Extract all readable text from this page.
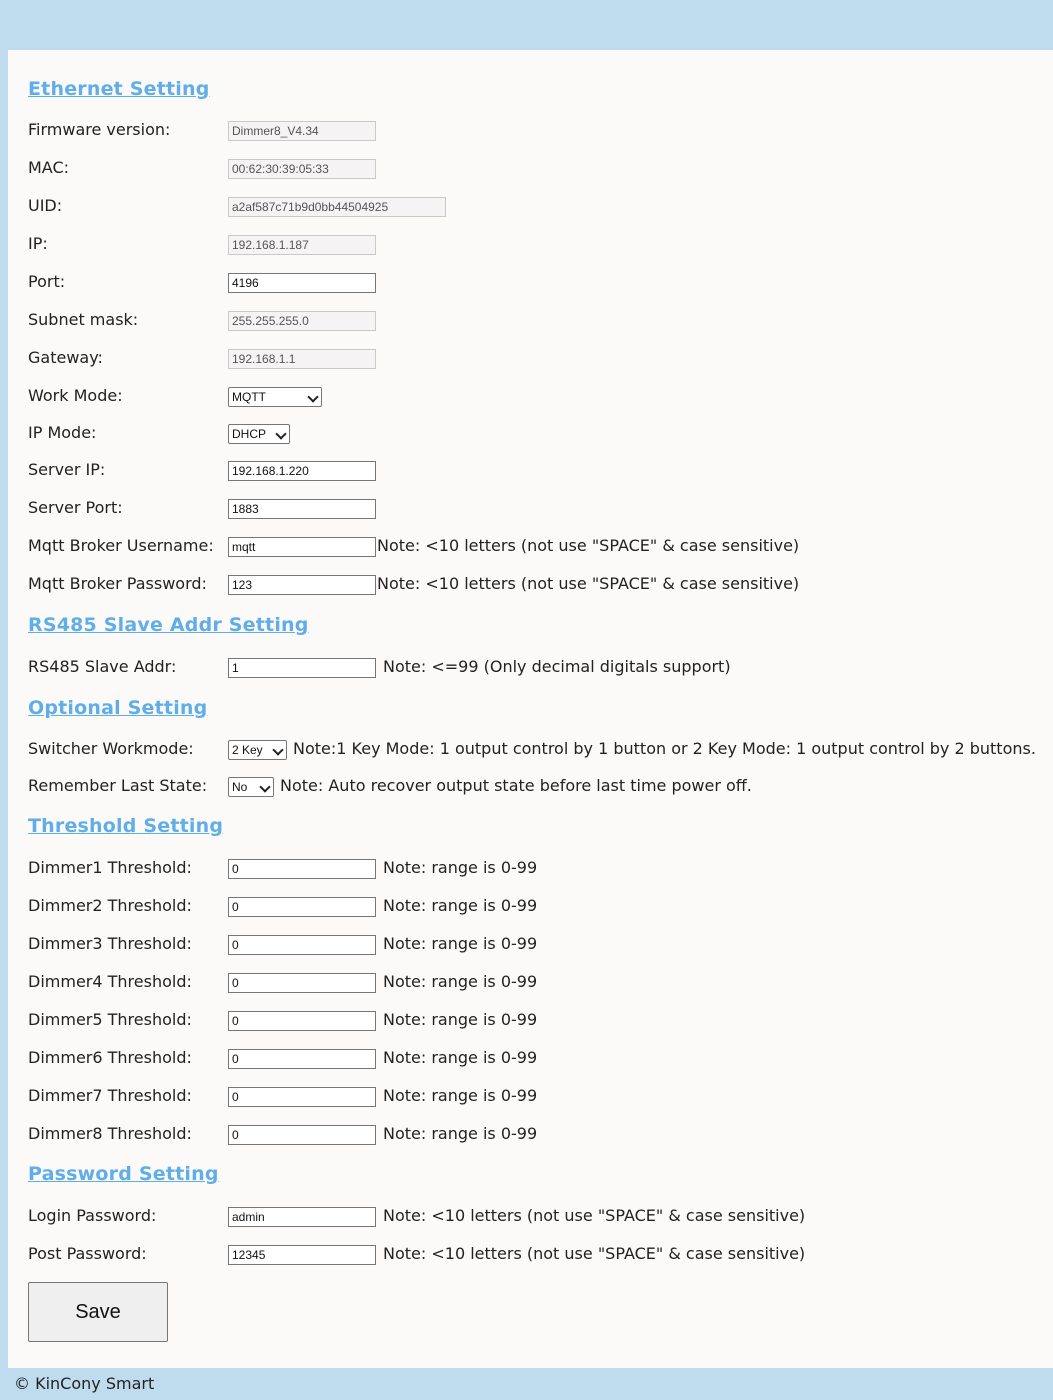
Ethernet Setting
Firmware version:	Dimmer8_V4.34
MAC:	00:62:30:39:05:33
UID:	a2af587c71b9d0bb44504925
IP:	192.168.1.187
Port:	4196
Subnet mask:	255.255.255.0
Gateway:	192.168.1.1
Work Mode:	MQTT
IP Mode:	DHCP
Server IP:	192.168.1.220
Server Port:	1883
Mqtt Broker Username:	mqtt	Note: <10 letters (not use "SPACE" & case sensitive)
Mqtt Broker Password:	123	Note: <10 letters (not use "SPACE" & case sensitive)
RS485 Slave Addr Setting
RS485 Slave Addr:	1	Note: <=99 (Only decimal digitals support)
Optional Setting
Switcher Workmode:	2 Key	Note:1 Key Mode: 1 output control by 1 button or 2 Key Mode: 1 output control by 2 buttons.
Remember Last State:	No	Note: Auto recover output state before last time power off.
Threshold Setting
Dimmer1 Threshold:	0	Note: range is 0-99
Dimmer2 Threshold:	0	Note: range is 0-99
Dimmer3 Threshold:	0	Note: range is 0-99
Dimmer4 Threshold:	0	Note: range is 0-99
Dimmer5 Threshold:	0	Note: range is 0-99
Dimmer6 Threshold:	0	Note: range is 0-99
Dimmer7 Threshold:	0	Note: range is 0-99
Dimmer8 Threshold:	0	Note: range is 0-99
Password Setting
Login Password:	admin	Note: <10 letters (not use "SPACE" & case sensitive)
Post Password:	12345	Note: <10 letters (not use "SPACE" & case sensitive)
Save
© KinCony Smart
